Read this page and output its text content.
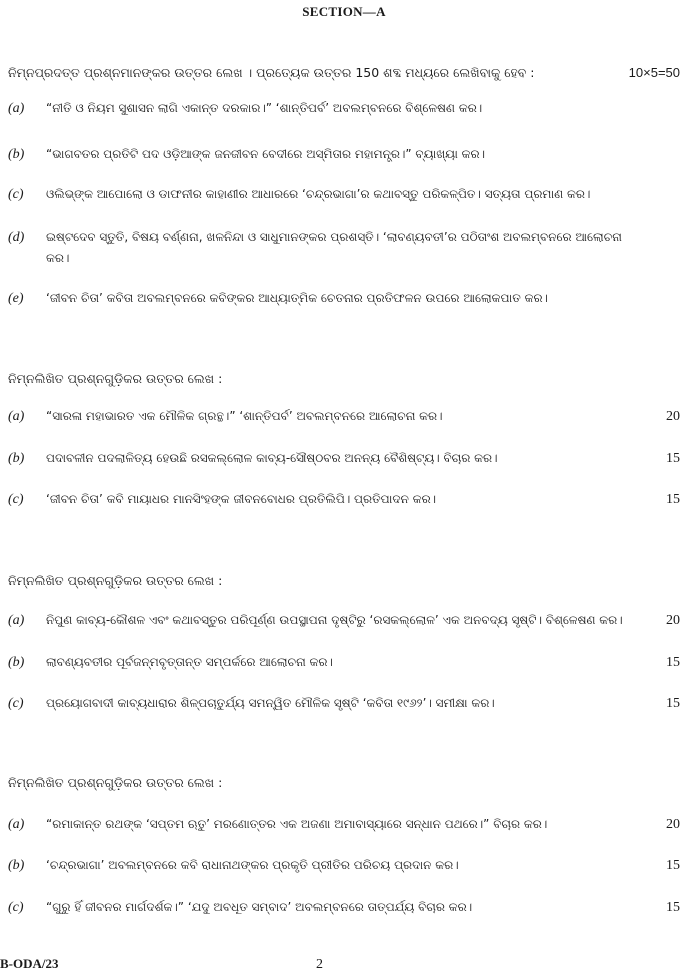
SECTION—A
ନିମ୍ନପ୍ରଦତ୍ତ ପ୍ରଶ୍ନମାନଙ୍କର ଉତ୍ତର ଲେଖ । ପ୍ରତ୍ୟେକ ଉତ୍ତର 150 ଶବ୍ଦ ମଧ୍ୟରେ ଲେଖିବାକୁ ହେବ :	10×5=50
(a) “ନୀତି ଓ ନିୟମ ସୁଶାସନ ଲାଗି ଏକାନ୍ତ ଦରକାର।” ‘ଶାନ୍ତିପର୍ବ’ ଅବଲମ୍ବନରେ ବିଶ୍ଳେଷଣ କର।
(b) “ଭାଗବତର ପ୍ରତିଟି ପଦ ଓଡ଼ିଆଙ୍କ ଜନଜୀବନ ବେଦୀରେ ଅସ୍ମିତାର ମହାମନ୍ତ୍ର।” ବ୍ୟାଖ୍ୟା କର।
(c) ଓଲିଭ୍‌ଙ୍କ ଆପୋଲୋ ଓ ଡାଫନୀର କାହାଣୀର ଆଧାରରେ ‘ଚନ୍ଦ୍ରଭାଗା’ର କଥାବସ୍ତୁ ପରିକଳ୍ପିତ। ସତ୍ୟତା ପ୍ରମାଣ କର।
(d) ଇଷ୍ଟଦେବ ସ୍ତୁତି, ବିଷୟ ବର୍ଣ୍ଣନା, ଖଳନିନ୍ଦା ଓ ସାଧୁମାନଙ୍କର ପ୍ରଶସ୍ତି। ‘ଲାବଣ୍ୟବତୀ’ର ପଠିତାଂଶ ଅବଲମ୍ବନରେ ଆଲୋଚନା କର।
(e) ‘ଜୀବନ ଚିତା’ କବିତା ଅବଲମ୍ବନରେ କବିଙ୍କର ଆଧ୍ୟାତ୍ମିକ ଚେତନାର ପ୍ରତିଫଳନ ଉପରେ ଆଲୋକପାତ କର।
ନିମ୍ନଲିଖିତ ପ୍ରଶ୍ନଗୁଡ଼ିକର ଉତ୍ତର ଲେଖ :
(a) “ସାରଳା ମହାଭାରତ ଏକ ମୌଳିକ ଗ୍ରନ୍ଥ।” ‘ଶାନ୍ତିପର୍ବ’ ଅବଲମ୍ବନରେ ଆଲୋଚନା କର।	20
(b) ପଦାବଳୀନ ପଦଲାଳିତ୍ୟ ହେଉଛି ରସକଲ୍ଲୋଳ କାବ୍ୟ-ସୌଷ୍ଠବର ଅନନ୍ୟ ବୈଶିଷ୍ଟ୍ୟ। ବିଚାର କର।	15
(c) ‘ଜୀବନ ଚିତା’ କବି ମାୟାଧର ମାନସିଂହଙ୍କ ଜୀବନବୋଧର ପ୍ରତିଲିପି। ପ୍ରତିପାଦନ କର।	15
ନିମ୍ନଲିଖିତ ପ୍ରଶ୍ନଗୁଡ଼ିକର ଉତ୍ତର ଲେଖ :
(a) ନିପୁଣ କାବ୍ୟ-କୌଶଳ ଏବଂ କଥାବସ୍ତୁର ପରିପୂର୍ଣ୍ଣ ଉପସ୍ଥାପନା ଦୃଷ୍ଟିରୁ ‘ରସକଲ୍ଲୋଳ’ ଏକ ଅନବଦ୍ୟ ସୃଷ୍ଟି। ବିଶ୍ଳେଷଣ କର।	20
(b) ଲାବଣ୍ୟବତୀର ପୂର୍ବଜନ୍ମବୃତ୍ତାନ୍ତ ସମ୍ପର୍କରେ ଆଲୋଚନା କର।	15
(c) ପ୍ରୟୋଗବାଦୀ କାବ୍ୟଧାରାର ଶିଳ୍ପଚାତୁର୍ଯ୍ୟ ସମନ୍ୱିତ ମୌଳିକ ସୃଷ୍ଟି ‘କବିତା ୧୯୬୨’। ସମୀକ୍ଷା କର।	15
ନିମ୍ନଲିଖିତ ପ୍ରଶ୍ନଗୁଡ଼ିକର ଉତ୍ତର ଲେଖ :
(a) “ରମାକାନ୍ତ ରଥଙ୍କ ‘ସପ୍ତମ ଋତୁ’ ମରଣୋତ୍ତର ଏକ ଅଜଣା ଅମାବାସ୍ୟାରେ ସନ୍ଧାନ ପଥରେ।” ବିଚାର କର।	20
(b) ‘ଚନ୍ଦ୍ରଭାଗା’ ଅବଲମ୍ବନରେ କବି ରାଧାନାଥଙ୍କର ପ୍ରକୃତି ପ୍ରୀତିର ପରିଚୟ ପ୍ରଦାନ କର।	15
(c) “ଗୁରୁ ହିଁ ଜୀବନର ମାର୍ଗଦର୍ଶକ।” ‘ଯଦୁ ଅବଧୂତ ସମ୍ବାଦ’ ଅବଲମ୍ବନରେ ତାତ୍ପର୍ଯ୍ୟ ବିଚାର କର।	15
B-ODA/23	2
